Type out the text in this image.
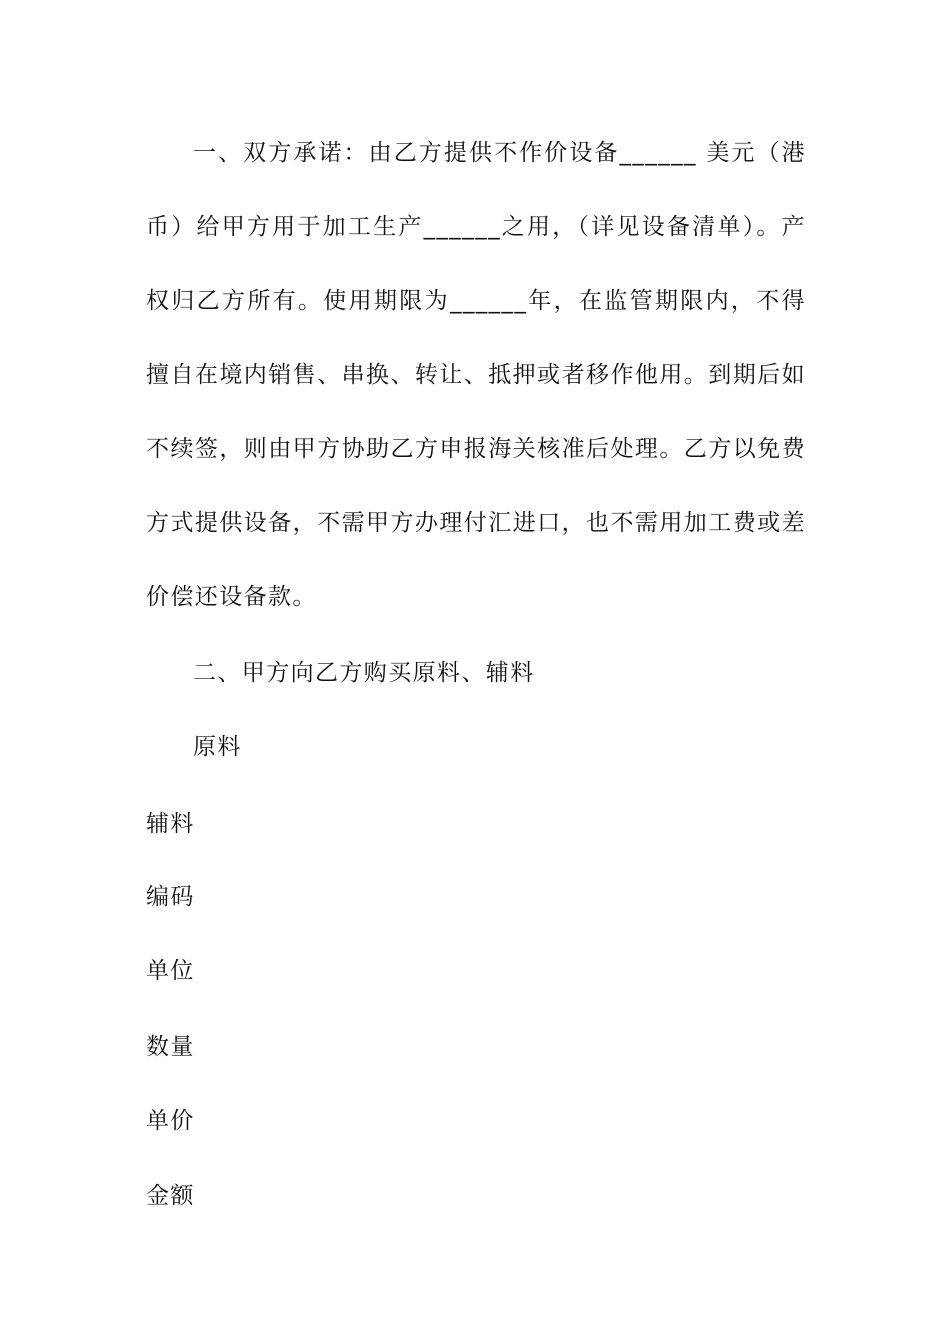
一、双方承诺：由乙方提供不作价设备______ 美元（港币）给甲方用于加工生产______之用，（详见设备清单）。产权归乙方所有。使用期限为______年，在监管期限内，不得擅自在境内销售、串换、转让、抵押或者移作他用。到期后如不续签，则由甲方协助乙方申报海关核准后处理。乙方以免费方式提供设备，不需甲方办理付汇进口，也不需用加工费或差价偿还设备款。

二、甲方向乙方购买原料、辅料

原料

辅料

编码

单位

数量

单价

金额
